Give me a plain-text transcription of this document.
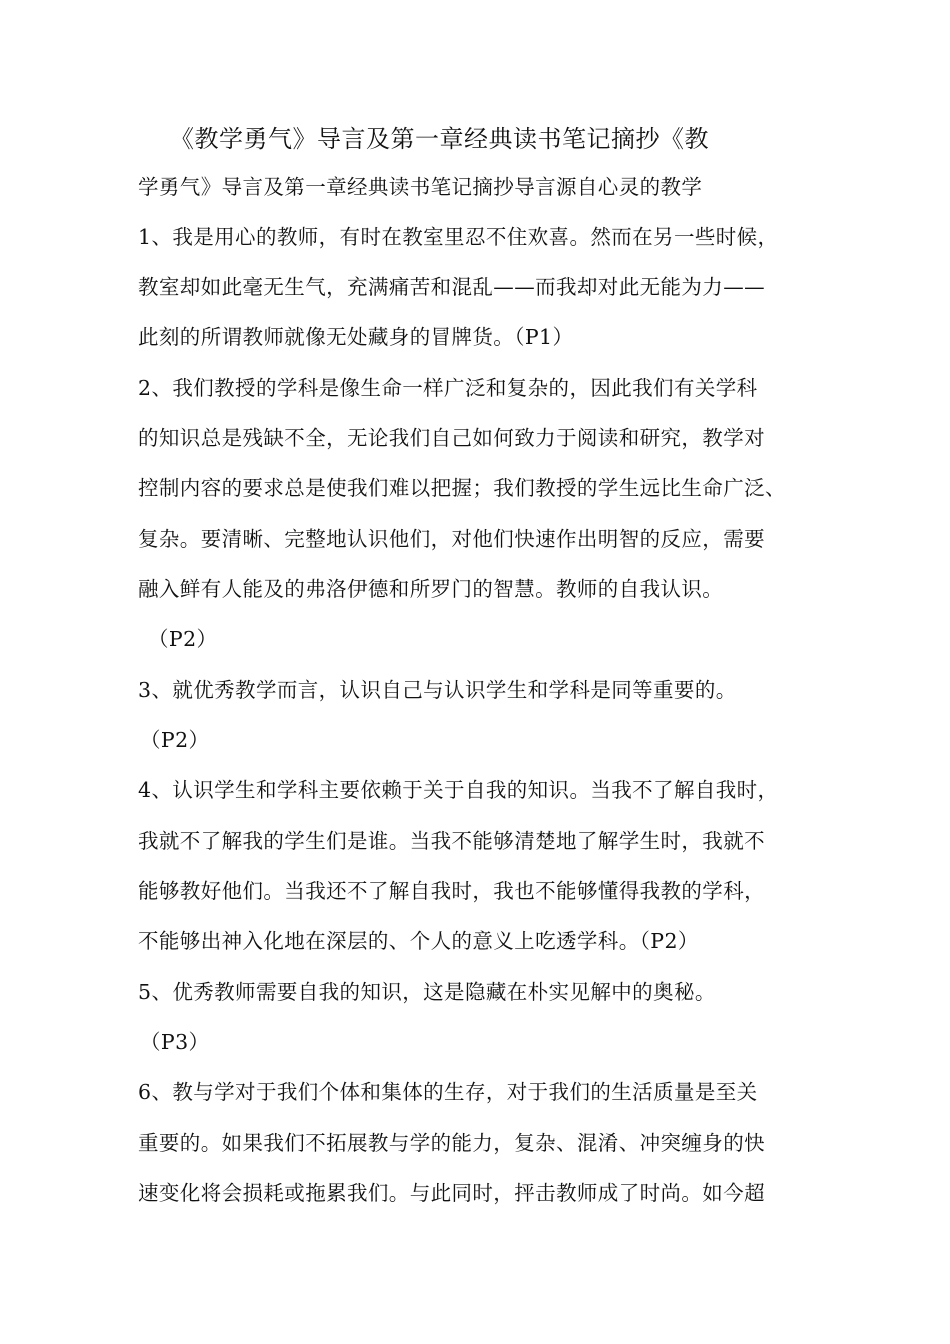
《教学勇气》导言及第一章经典读书笔记摘抄《教
学勇气》导言及第一章经典读书笔记摘抄导言源自心灵的教学
1、我是用心的教师，有时在教室里忍不住欢喜。然而在另一些时候，
教室却如此毫无生气，充满痛苦和混乱——而我却对此无能为力——
此刻的所谓教师就像无处藏身的冒牌货。（P1）
2、我们教授的学科是像生命一样广泛和复杂的，因此我们有关学科
的知识总是残缺不全，无论我们自己如何致力于阅读和研究，教学对
控制内容的要求总是使我们难以把握；我们教授的学生远比生命广泛、
复杂。要清晰、完整地认识他们，对他们快速作出明智的反应，需要
融入鲜有人能及的弗洛伊德和所罗门的智慧。教师的自我认识。
（P2）
3、就优秀教学而言，认识自己与认识学生和学科是同等重要的。
（P2）
4、认识学生和学科主要依赖于关于自我的知识。当我不了解自我时，
我就不了解我的学生们是谁。当我不能够清楚地了解学生时，我就不
能够教好他们。当我还不了解自我时，我也不能够懂得我教的学科，
不能够出神入化地在深层的、个人的意义上吃透学科。（P2）
5、优秀教师需要自我的知识，这是隐藏在朴实见解中的奥秘。
（P3）
6、教与学对于我们个体和集体的生存，对于我们的生活质量是至关
重要的。如果我们不拓展教与学的能力，复杂、混淆、冲突缠身的快
速变化将会损耗或拖累我们。与此同时，抨击教师成了时尚。如今超
